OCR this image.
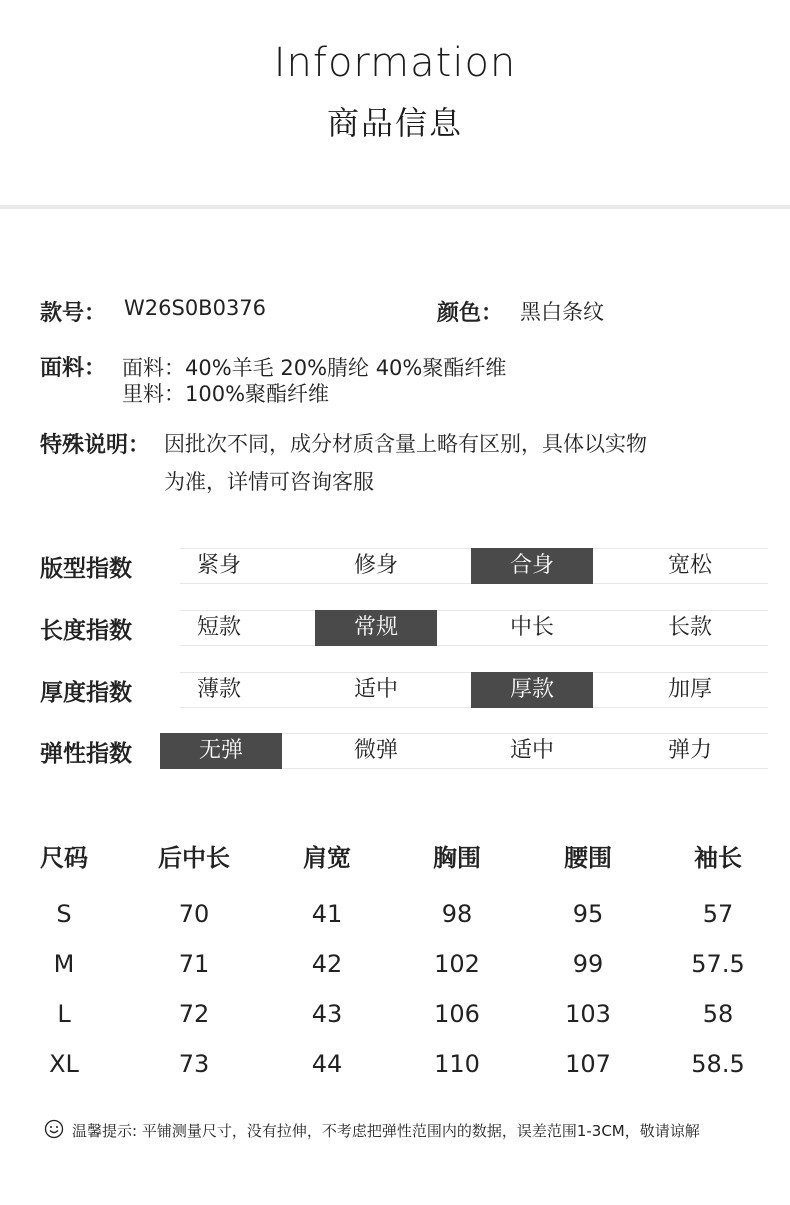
Information
商品信息
款号： W26S0B0376	颜色： 黑白条纹
面料： 面料：40%羊毛 20%腈纶 40%聚酯纤维
里料：100%聚酯纤维
特殊说明： 因批次不同，成分材质含量上略有区别，具体以实物
为准，详情可咨询客服
版型指数	紧身	修身	合身	宽松
长度指数	短款	常规	中长	长款
厚度指数	薄款	适中	厚款	加厚
弹性指数	无弹	微弹	适中	弹力
尺码	后中长	肩宽	胸围	腰围	袖长
S	70	41	98	95	57
M	71	42	102	99	57.5
L	72	43	106	103	58
XL	73	44	110	107	58.5
温馨提示: 平铺测量尺寸，没有拉伸，不考虑把弹性范围内的数据，误差范围1-3CM，敬请谅解
